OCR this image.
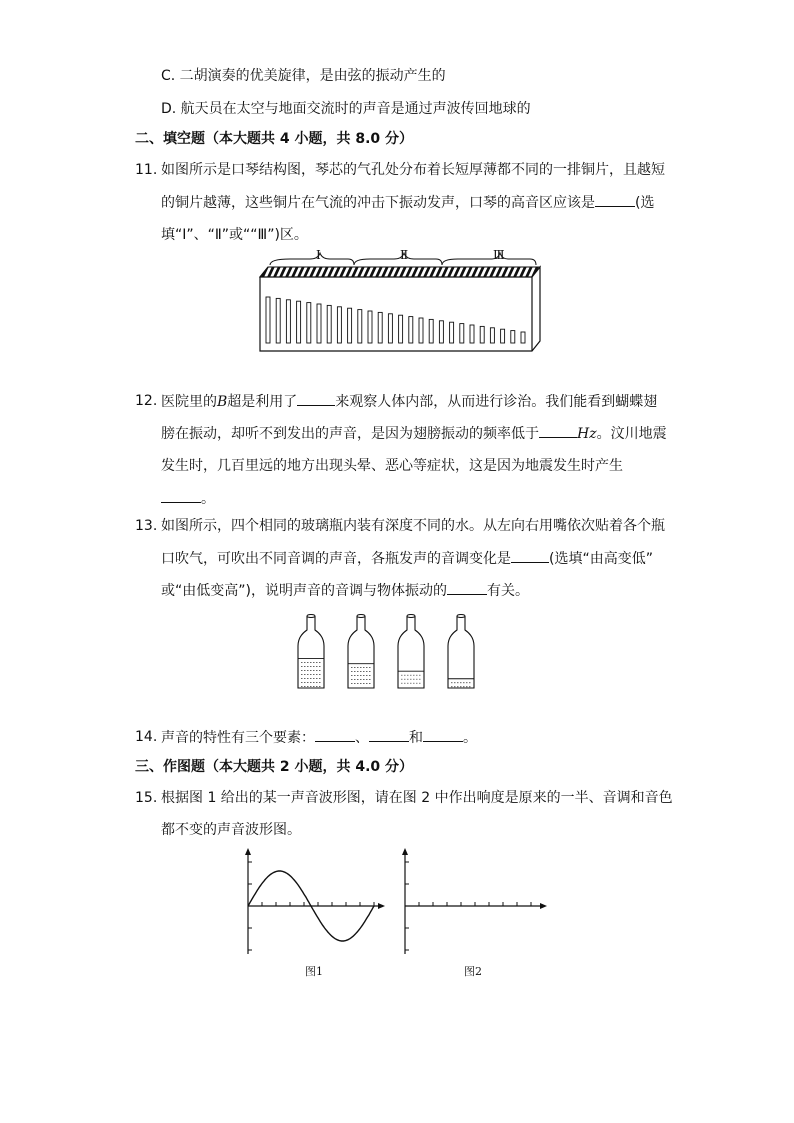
C. 二胡演奏的优美旋律，是由弦的振动产生的
D. 航天员在太空与地面交流时的声音是通过声波传回地球的
二、填空题（本大题共 4 小题，共 8.0 分）
11. 如图所示是口琴结构图，琴芯的气孔处分布着长短厚薄都不同的一排铜片，且越短
的铜片越薄，这些铜片在气流的冲击下振动发声，口琴的高音区应该是	(选
填“Ⅰ”、“Ⅱ”或““Ⅲ”)区。
Ⅰ	Ⅱ	Ⅲ
12. 医院里的B超是利用了	来观察人体内部，从而进行诊治。我们能看到蝴蝶翅
膀在振动，却听不到发出的声音，是因为翅膀振动的频率低于	Hz。汶川地震
发生时，几百里远的地方出现头晕、恶心等症状，这是因为地震发生时产生
。
13. 如图所示，四个相同的玻璃瓶内装有深度不同的水。从左向右用嘴依次贴着各个瓶
口吹气，可吹出不同音调的声音，各瓶发声的音调变化是	(选填“由高变低”
或“由低变高”)，说明声音的音调与物体振动的	有关。
14. 声音的特性有三个要素：	、	和	。
三、作图题（本大题共 2 小题，共 4.0 分）
15. 根据图 1 给出的某一声音波形图，请在图 2 中作出响度是原来的一半、音调和音色
都不变的声音波形图。
图1	图2
